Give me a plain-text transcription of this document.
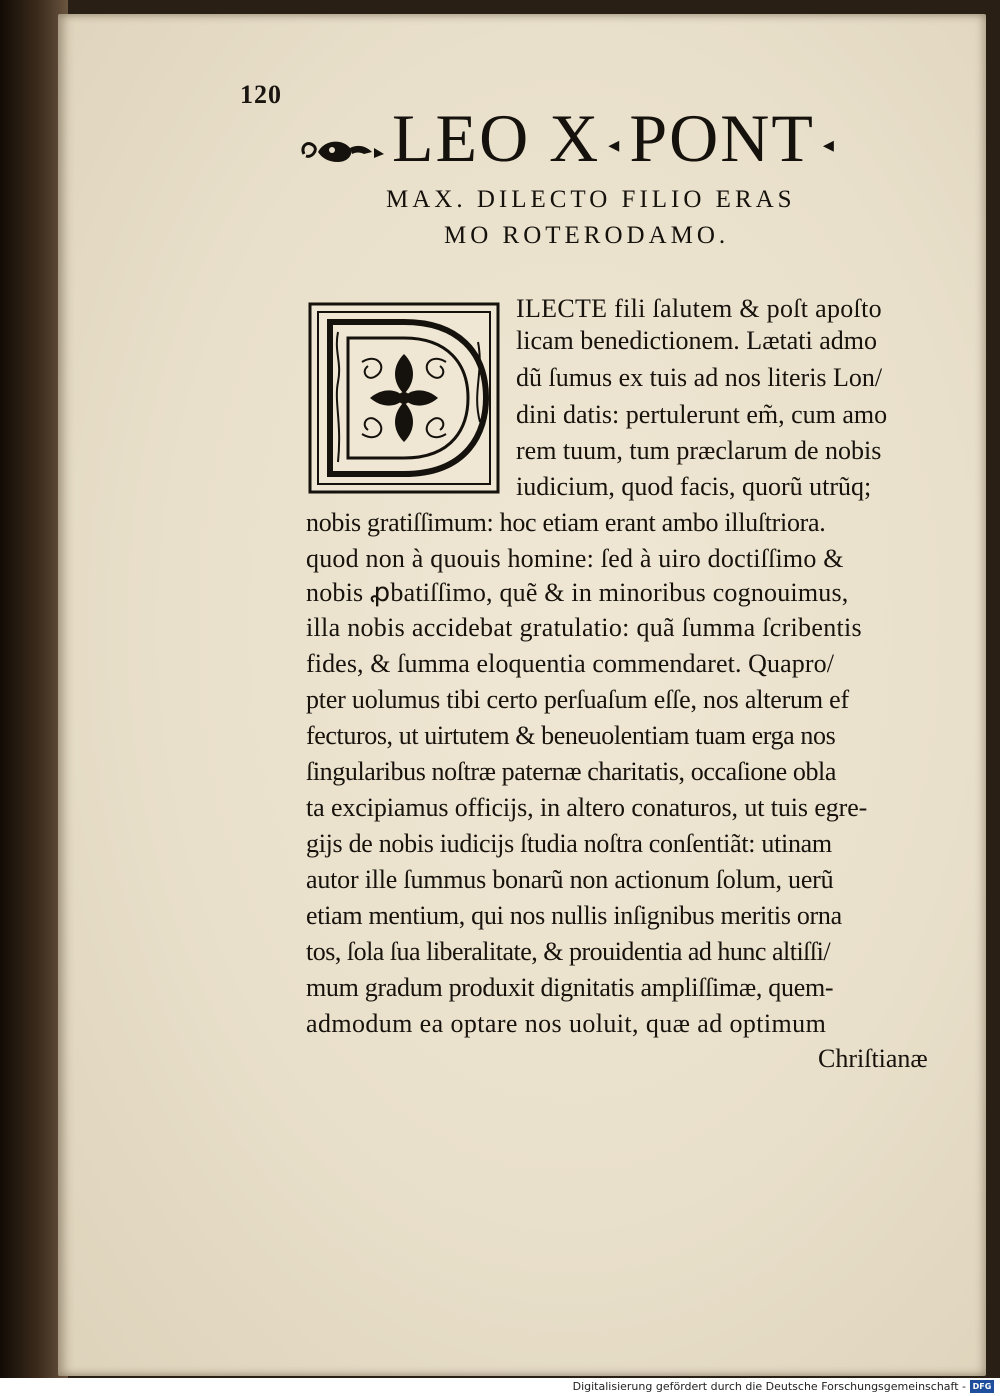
120
LEO X ◂ PONT ◂
MAX. DILECTO FILIO ERAS
MO ROTERODAMO.
ILECTE fili ſalutem & poſt apoſto
licam benedictionem. Lætati admo
dũ ſumus ex tuis ad nos literis Lon/
dini datis: pertulerunt em̃, cum amo
rem tuum, tum præclarum de nobis
iudicium, quod facis, quorũ utrũq;
nobis gratiſſimum: hoc etiam erant ambo illuſtriora.
quod non à quouis homine: ſed à uiro doctiſſimo &
nobis ꝓbatiſſimo, quẽ & in minoribus cognouimus,
illa nobis accidebat gratulatio: quã ſumma ſcribentis
fides, & ſumma eloquentia commendaret. Quapro/
pter uolumus tibi certo perſuaſum eſſe, nos alterum ef
fecturos, ut uirtutem & beneuolentiam tuam erga nos
ſingularibus noſtræ paternæ charitatis, occaſione obla
ta excipiamus officijs, in altero conaturos, ut tuis egre-
gijs de nobis iudicijs ſtudia noſtra conſentiãt: utinam
autor ille ſummus bonarũ non actionum ſolum, uerũ
etiam mentium, qui nos nullis inſignibus meritis orna
tos, ſola ſua liberalitate, & prouidentia ad hunc altiſſi/
mum gradum produxit dignitatis ampliſſimæ, quem-
admodum ea optare nos uoluit, quæ ad optimum
Chriſtianæ
Digitalisierung gefördert durch die Deutsche Forschungsgemeinschaft - DFG
